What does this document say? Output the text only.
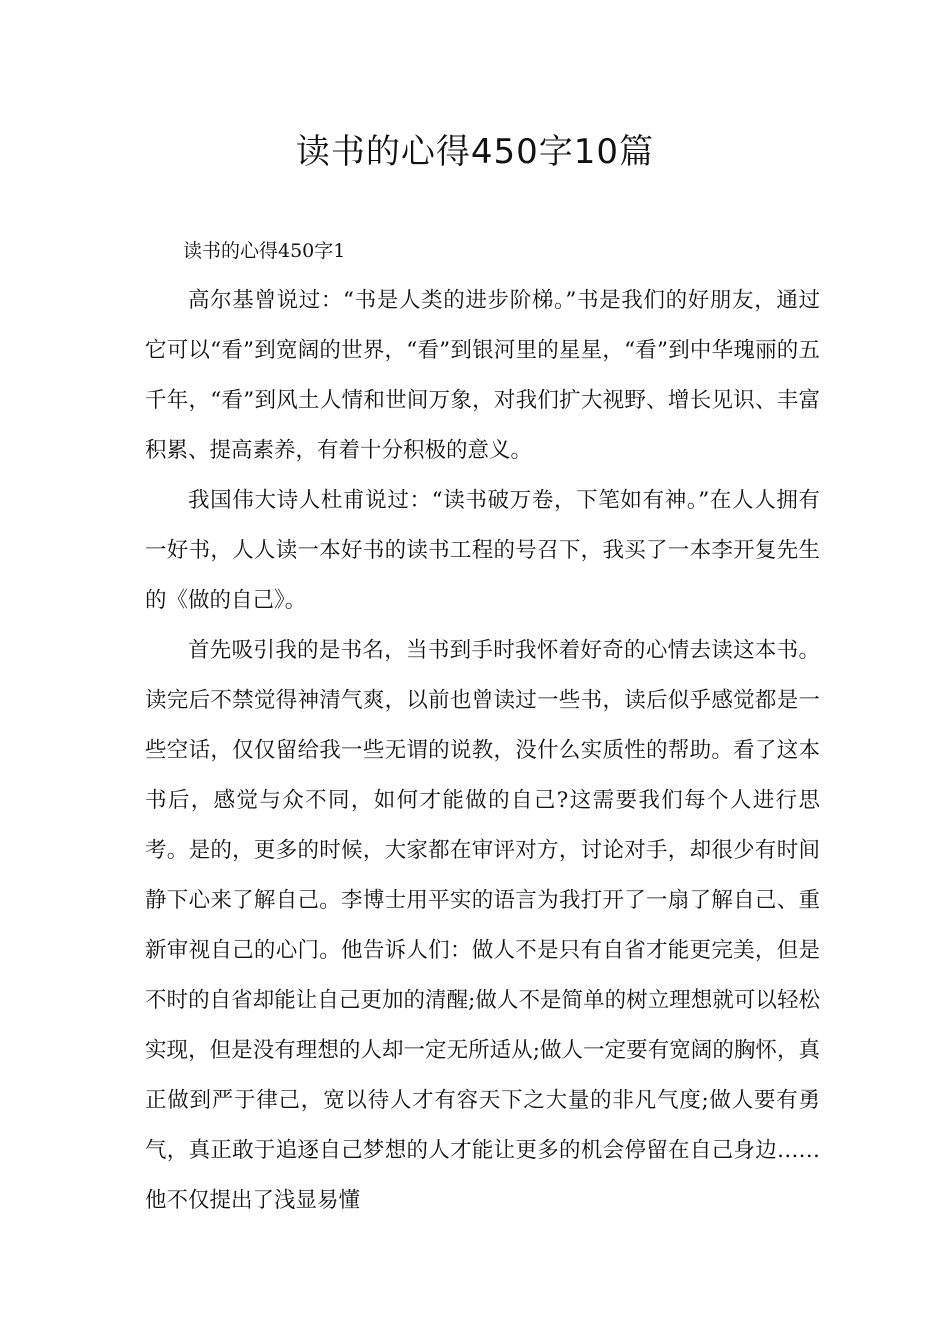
读书的心得450字10篇

读书的心得450字1

高尔基曾说过：“书是人类的进步阶梯。”书是我们的好朋友，通过它可以“看”到宽阔的世界，“看”到银河里的星星，“看”到中华瑰丽的五千年，“看”到风土人情和世间万象，对我们扩大视野、增长见识、丰富积累、提高素养，有着十分积极的意义。

我国伟大诗人杜甫说过：“读书破万卷，下笔如有神。”在人人拥有一好书，人人读一本好书的读书工程的号召下，我买了一本李开复先生的《做的自己》。

首先吸引我的是书名，当书到手时我怀着好奇的心情去读这本书。读完后不禁觉得神清气爽，以前也曾读过一些书，读后似乎感觉都是一些空话，仅仅留给我一些无谓的说教，没什么实质性的帮助。看了这本书后，感觉与众不同，如何才能做的自己?这需要我们每个人进行思考。是的，更多的时候，大家都在审评对方，讨论对手，却很少有时间静下心来了解自己。李博士用平实的语言为我打开了一扇了解自己、重新审视自己的心门。他告诉人们：做人不是只有自省才能更完美，但是不时的自省却能让自己更加的清醒;做人不是简单的树立理想就可以轻松实现，但是没有理想的人却一定无所适从;做人一定要有宽阔的胸怀，真正做到严于律己，宽以待人才有容天下之大量的非凡气度;做人要有勇气，真正敢于追逐自己梦想的人才能让更多的机会停留在自己身边……他不仅提出了浅显易懂
